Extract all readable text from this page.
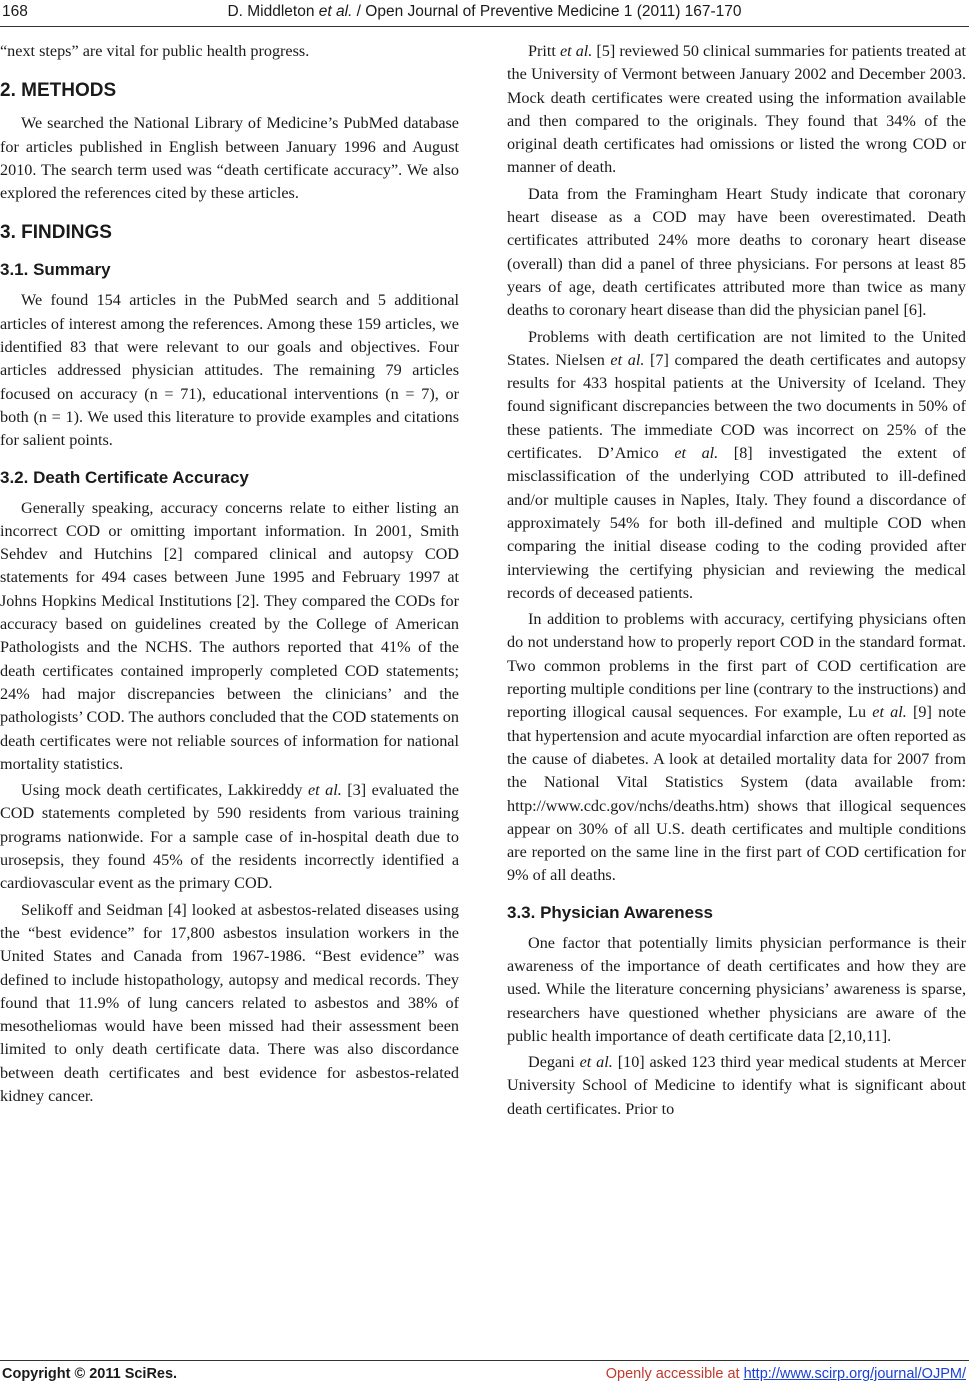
168	D. Middleton et al. / Open Journal of Preventive Medicine 1 (2011) 167-170

“next steps” are vital for public health progress.

2. METHODS

We searched the National Library of Medicine’s PubMed database for articles published in English between January 1996 and August 2010. The search term used was “death certificate accuracy”. We also explored the references cited by these articles.

3. FINDINGS
3.1. Summary

We found 154 articles in the PubMed search and 5 additional articles of interest among the references. Among these 159 articles, we identified 83 that were relevant to our goals and objectives. Four articles addressed physician attitudes. The remaining 79 articles focused on accuracy (n = 71), educational interventions (n = 7), or both (n = 1). We used this literature to provide examples and citations for salient points.

3.2. Death Certificate Accuracy

Generally speaking, accuracy concerns relate to either listing an incorrect COD or omitting important information. In 2001, Smith Sehdev and Hutchins [2] compared clinical and autopsy COD statements for 494 cases between June 1995 and February 1997 at Johns Hopkins Medical Institutions [2]. They compared the CODs for accuracy based on guidelines created by the College of American Pathologists and the NCHS. The authors reported that 41% of the death certificates contained improperly completed COD statements; 24% had major discrepancies between the clinicians’ and the pathologists’ COD. The authors concluded that the COD statements on death certificates were not reliable sources of information for national mortality statistics.

Using mock death certificates, Lakkireddy et al. [3] evaluated the COD statements completed by 590 residents from various training programs nationwide. For a sample case of in-hospital death due to urosepsis, they found 45% of the residents incorrectly identified a cardiovascular event as the primary COD.

Selikoff and Seidman [4] looked at asbestos-related diseases using the “best evidence” for 17,800 asbestos insulation workers in the United States and Canada from 1967-1986. “Best evidence” was defined to include histopathology, autopsy and medical records. They found that 11.9% of lung cancers related to asbestos and 38% of mesotheliomas would have been missed had their assessment been limited to only death certificate data. There was also discordance between death certificates and best evidence for asbestos-related kidney cancer.

Pritt et al. [5] reviewed 50 clinical summaries for patients treated at the University of Vermont between January 2002 and December 2003. Mock death certificates were created using the information available and then compared to the originals. They found that 34% of the original death certificates had omissions or listed the wrong COD or manner of death.

Data from the Framingham Heart Study indicate that coronary heart disease as a COD may have been overestimated. Death certificates attributed 24% more deaths to coronary heart disease (overall) than did a panel of three physicians. For persons at least 85 years of age, death certificates attributed more than twice as many deaths to coronary heart disease than did the physician panel [6].

Problems with death certification are not limited to the United States. Nielsen et al. [7] compared the death certificates and autopsy results for 433 hospital patients at the University of Iceland. They found significant discrepancies between the two documents in 50% of these patients. The immediate COD was incorrect on 25% of the certificates. D’Amico et al. [8] investigated the extent of misclassification of the underlying COD attributed to ill-defined and/or multiple causes in Naples, Italy. They found a discordance of approximately 54% for both ill-defined and multiple COD when comparing the initial disease coding to the coding provided after interviewing the certifying physician and reviewing the medical records of deceased patients.

In addition to problems with accuracy, certifying physicians often do not understand how to properly report COD in the standard format. Two common problems in the first part of COD certification are reporting multiple conditions per line (contrary to the instructions) and reporting illogical causal sequences. For example, Lu et al. [9] note that hypertension and acute myocardial infarction are often reported as the cause of diabetes. A look at detailed mortality data for 2007 from the National Vital Statistics System (data available from: http://www.cdc.gov/nchs/deaths.htm) shows that illogical sequences appear on 30% of all U.S. death certificates and multiple conditions are reported on the same line in the first part of COD certification for 9% of all deaths.

3.3. Physician Awareness

One factor that potentially limits physician performance is their awareness of the importance of death certificates and how they are used. While the literature concerning physicians’ awareness is sparse, researchers have questioned whether physicians are aware of the public health importance of death certificate data [2,10,11].

Degani et al. [10] asked 123 third year medical students at Mercer University School of Medicine to identify what is significant about death certificates. Prior to

Copyright © 2011 SciRes.	Openly accessible at http://www.scirp.org/journal/OJPM/
